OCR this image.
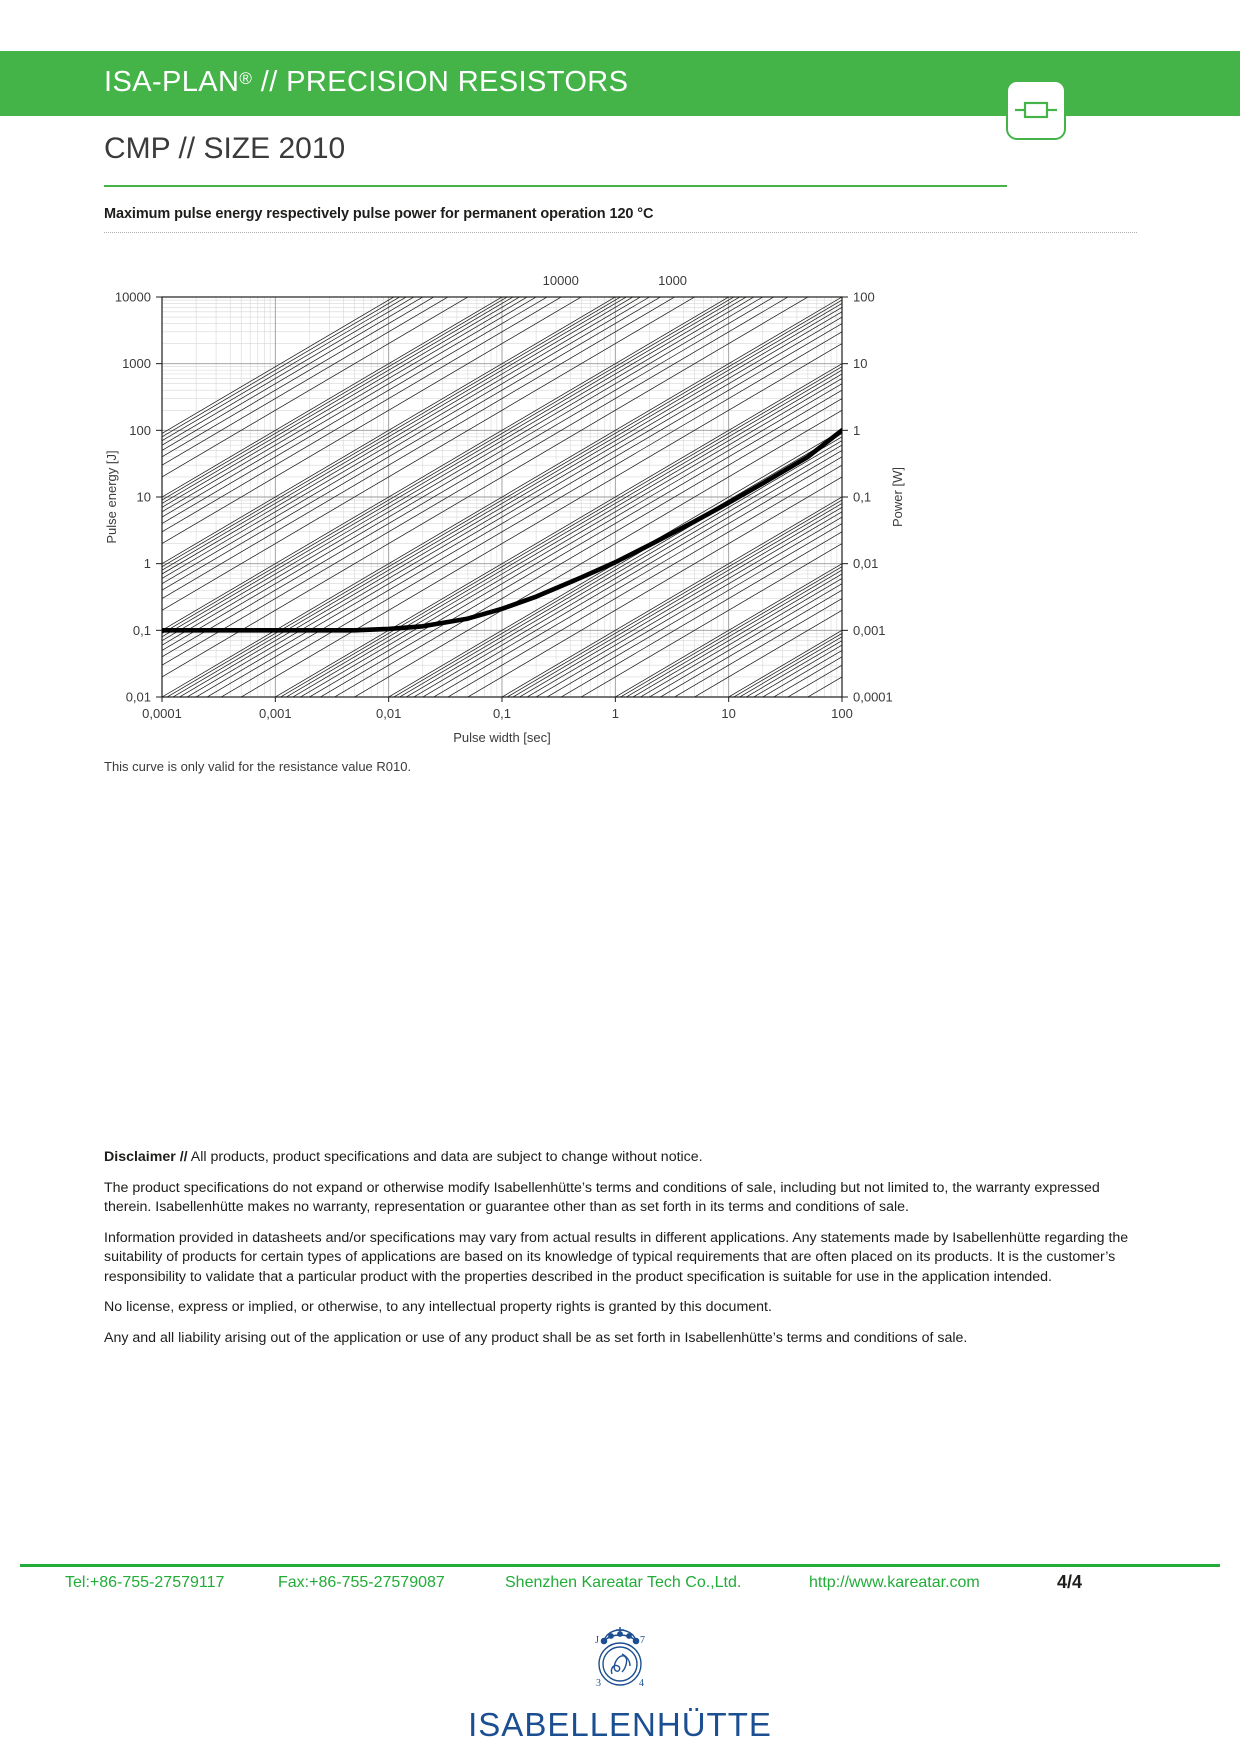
ISA-PLAN® // PRECISION RESISTORS
CMP // SIZE 2010
Maximum pulse energy respectively pulse power for permanent operation 120 °C
0,0001	0,001	0,01	0,1	1	10	100
0,01
0,1
1
10
100
1000
10000
0,0001
0,001
0,01
0,1
1
10
100
Pulse width [sec]
Pulse energy [J]	Power [W]
10000	1000
This curve is only valid for the resistance value R010.

Disclaimer // All products, product specifications and data are subject to change without notice.

The product specifications do not expand or otherwise modify Isabellenhütte’s terms and conditions of sale, including but not limited to, the warranty expressed therein. Isabellenhütte makes no warranty, representation or guarantee other than as set forth in its terms and conditions of sale.

Information provided in datasheets and/or specifications may vary from actual results in different applications. Any statements made by Isabellenhütte regarding the suitability of products for certain types of applications are based on its knowledge of typical requirements that are often placed on its products. It is the customer’s responsibility to validate that a particular product with the properties described in the product specification is suitable for use in the application intended.

No license, express or implied, or otherwise, to any intellectual property rights is granted by this document.

Any and all liability arising out of the application or use of any product shall be as set forth in Isabellenhütte’s terms and conditions of sale.

Tel:+86-755-27579117	Fax:+86-755-27579087	Shenzhen Kareatar Tech Co.,Ltd.	http://www.kareatar.com	4/4
J	7
3	4
ISABELLENHÜTTE
